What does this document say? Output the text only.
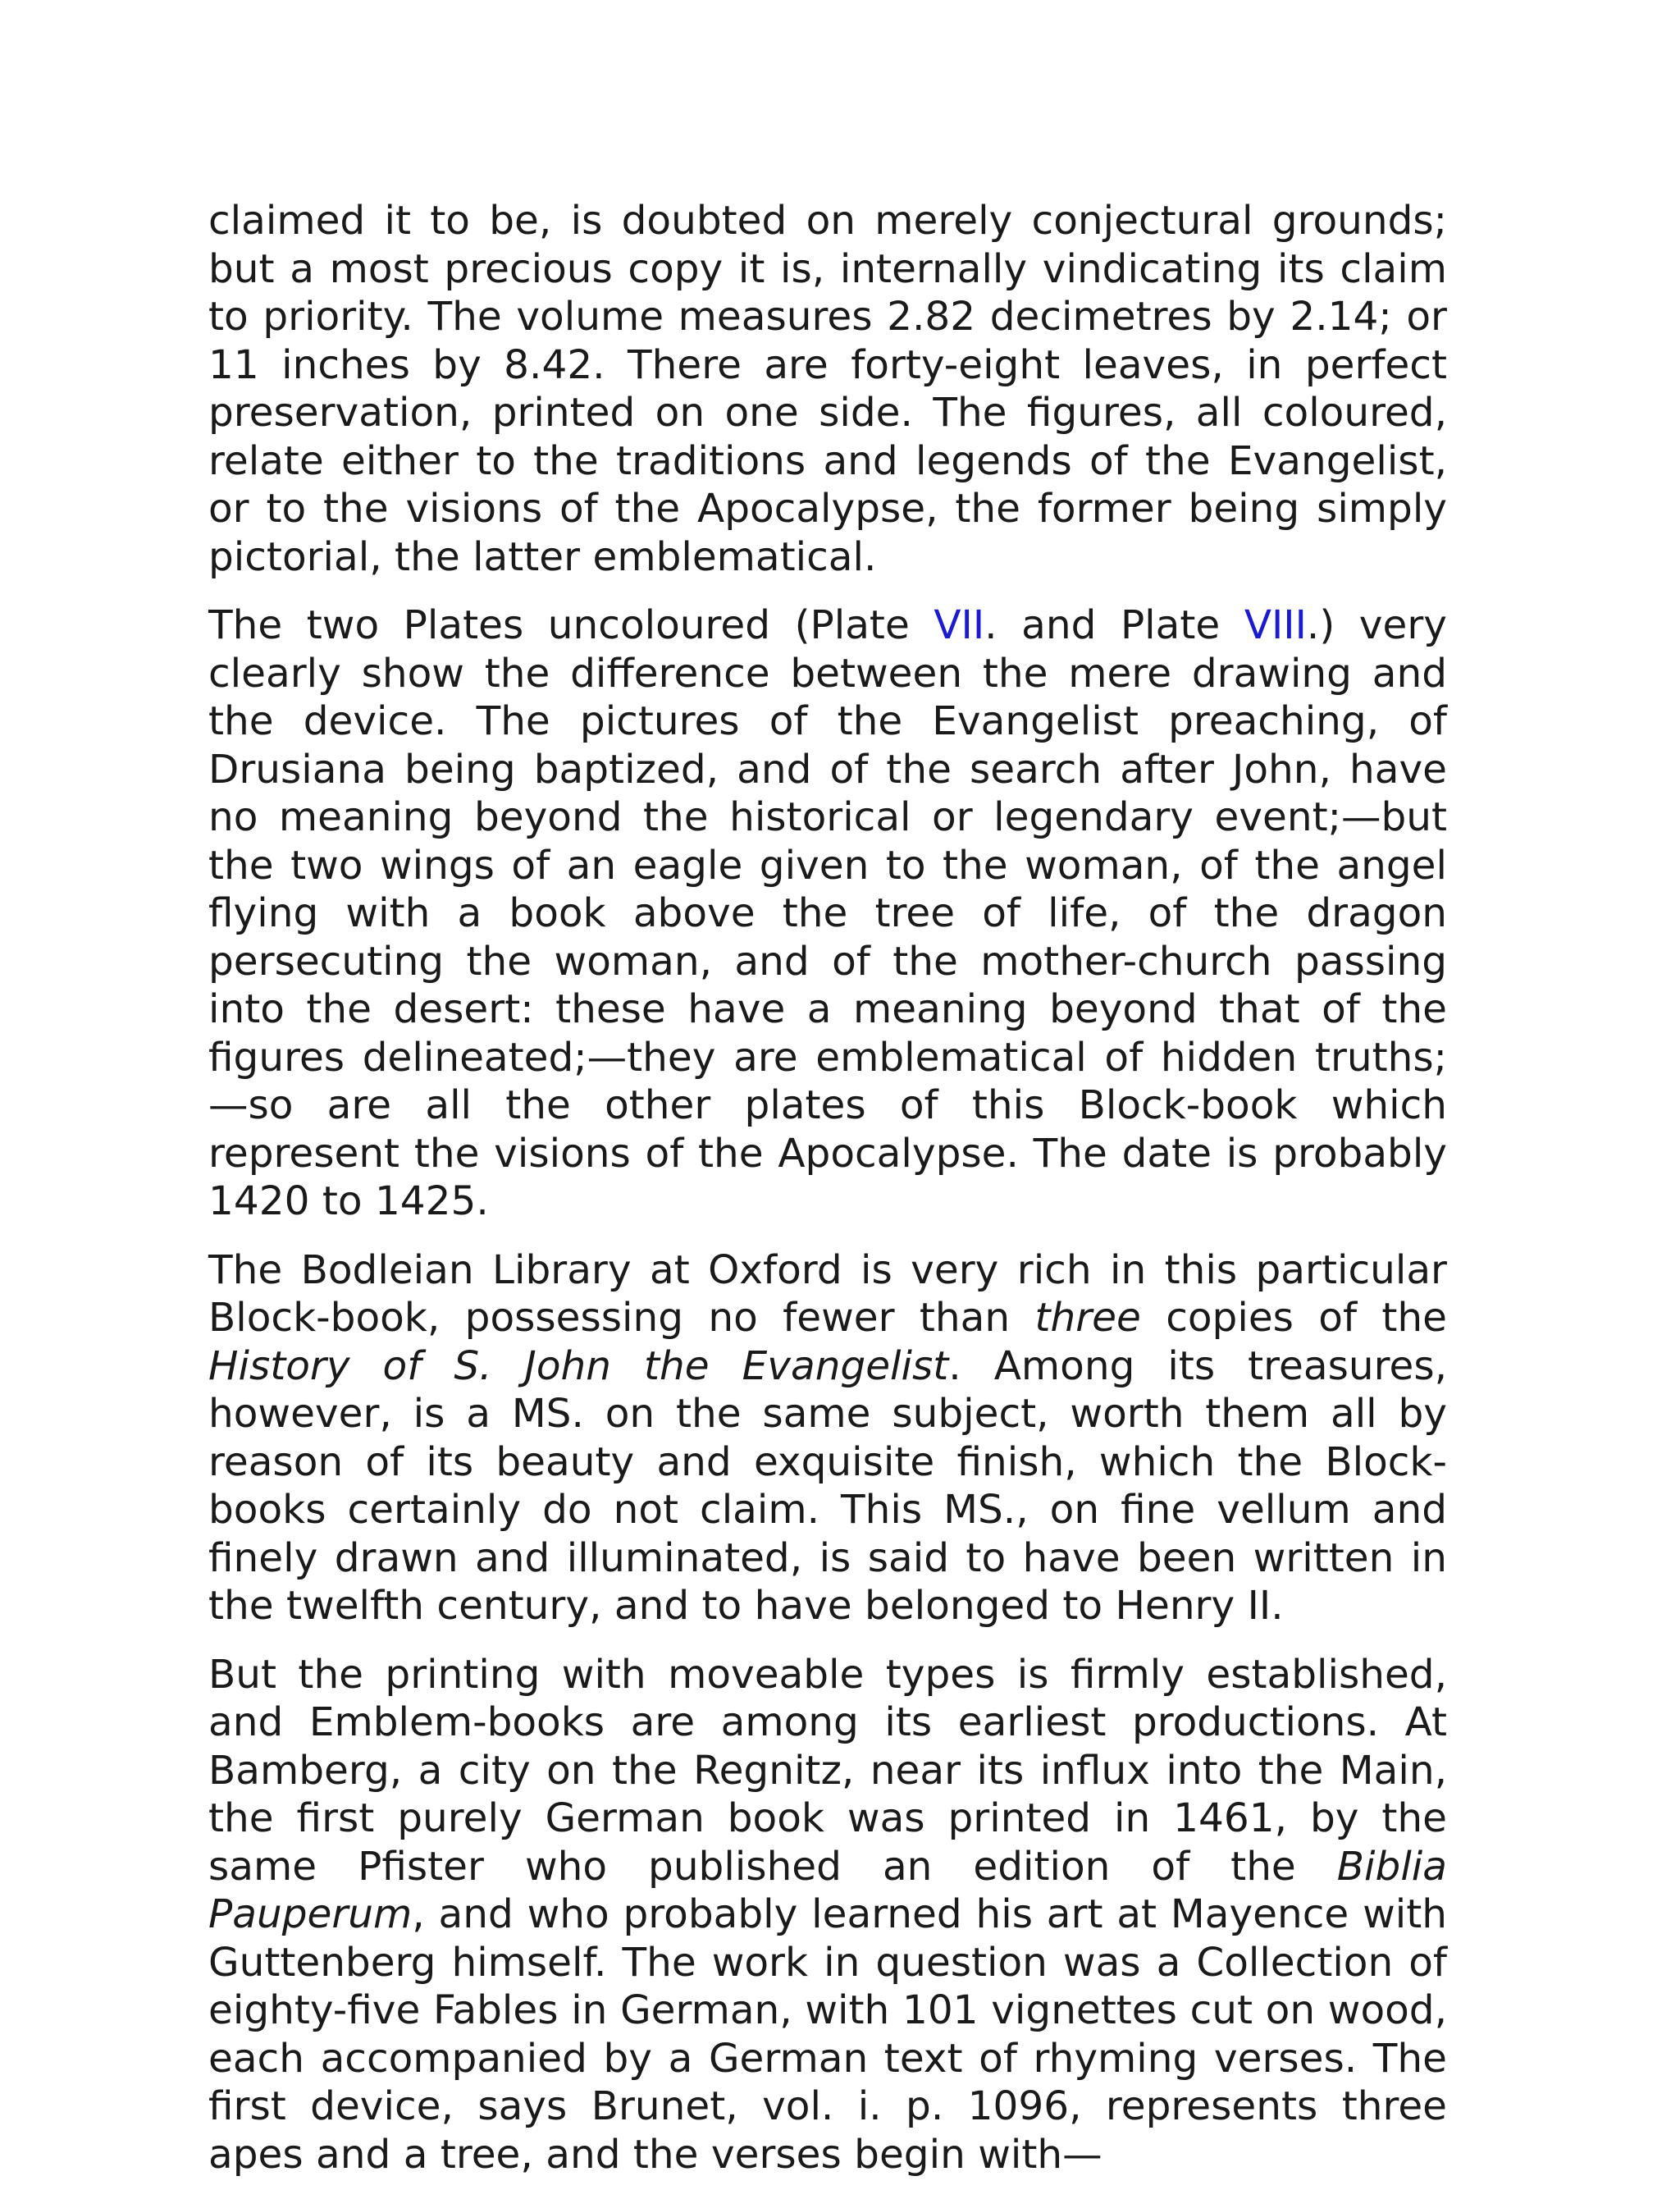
claimed it to be, is doubted on merely conjectural grounds; but a most precious copy it is, internally vindicating its claim to priority. The volume measures 2.82 decimetres by 2.14; or 11 inches by 8.42. There are forty-eight leaves, in perfect preservation, printed on one side. The figures, all coloured, relate either to the traditions and legends of the Evangelist, or to the visions of the Apocalypse, the former being simply pictorial, the latter emblematical.

The two Plates uncoloured (Plate VII. and Plate VIII.) very clearly show the difference between the mere drawing and the device. The pictures of the Evangelist preaching, of Drusiana being baptized, and of the search after John, have no meaning beyond the historical or legendary event;—but the two wings of an eagle given to the woman, of the angel flying with a book above the tree of life, of the dragon persecuting the woman, and of the mother-church passing into the desert: these have a meaning beyond that of the figures delineated;—they are emblematical of hidden truths;—so are all the other plates of this Block-book which represent the visions of the Apocalypse. The date is probably 1420 to 1425.

The Bodleian Library at Oxford is very rich in this particular Block-book, possessing no fewer than three copies of the History of S. John the Evangelist. Among its treasures, however, is a MS. on the same subject, worth them all by reason of its beauty and exquisite finish, which the Block-books certainly do not claim. This MS., on fine vellum and finely drawn and illuminated, is said to have been written in the twelfth century, and to have belonged to Henry II.

But the printing with moveable types is firmly established, and Emblem-books are among its earliest productions. At Bamberg, a city on the Regnitz, near its influx into the Main, the first purely German book was printed in 1461, by the same Pfister who published an edition of the Biblia Pauperum, and who probably learned his art at Mayence with Guttenberg himself. The work in question was a Collection of eighty-five Fables in German, with 101 vignettes cut on wood, each accompanied by a German text of rhyming verses. The first device, says Brunet, vol. i. p. 1096, represents three apes and a tree, and the verses begin with—
